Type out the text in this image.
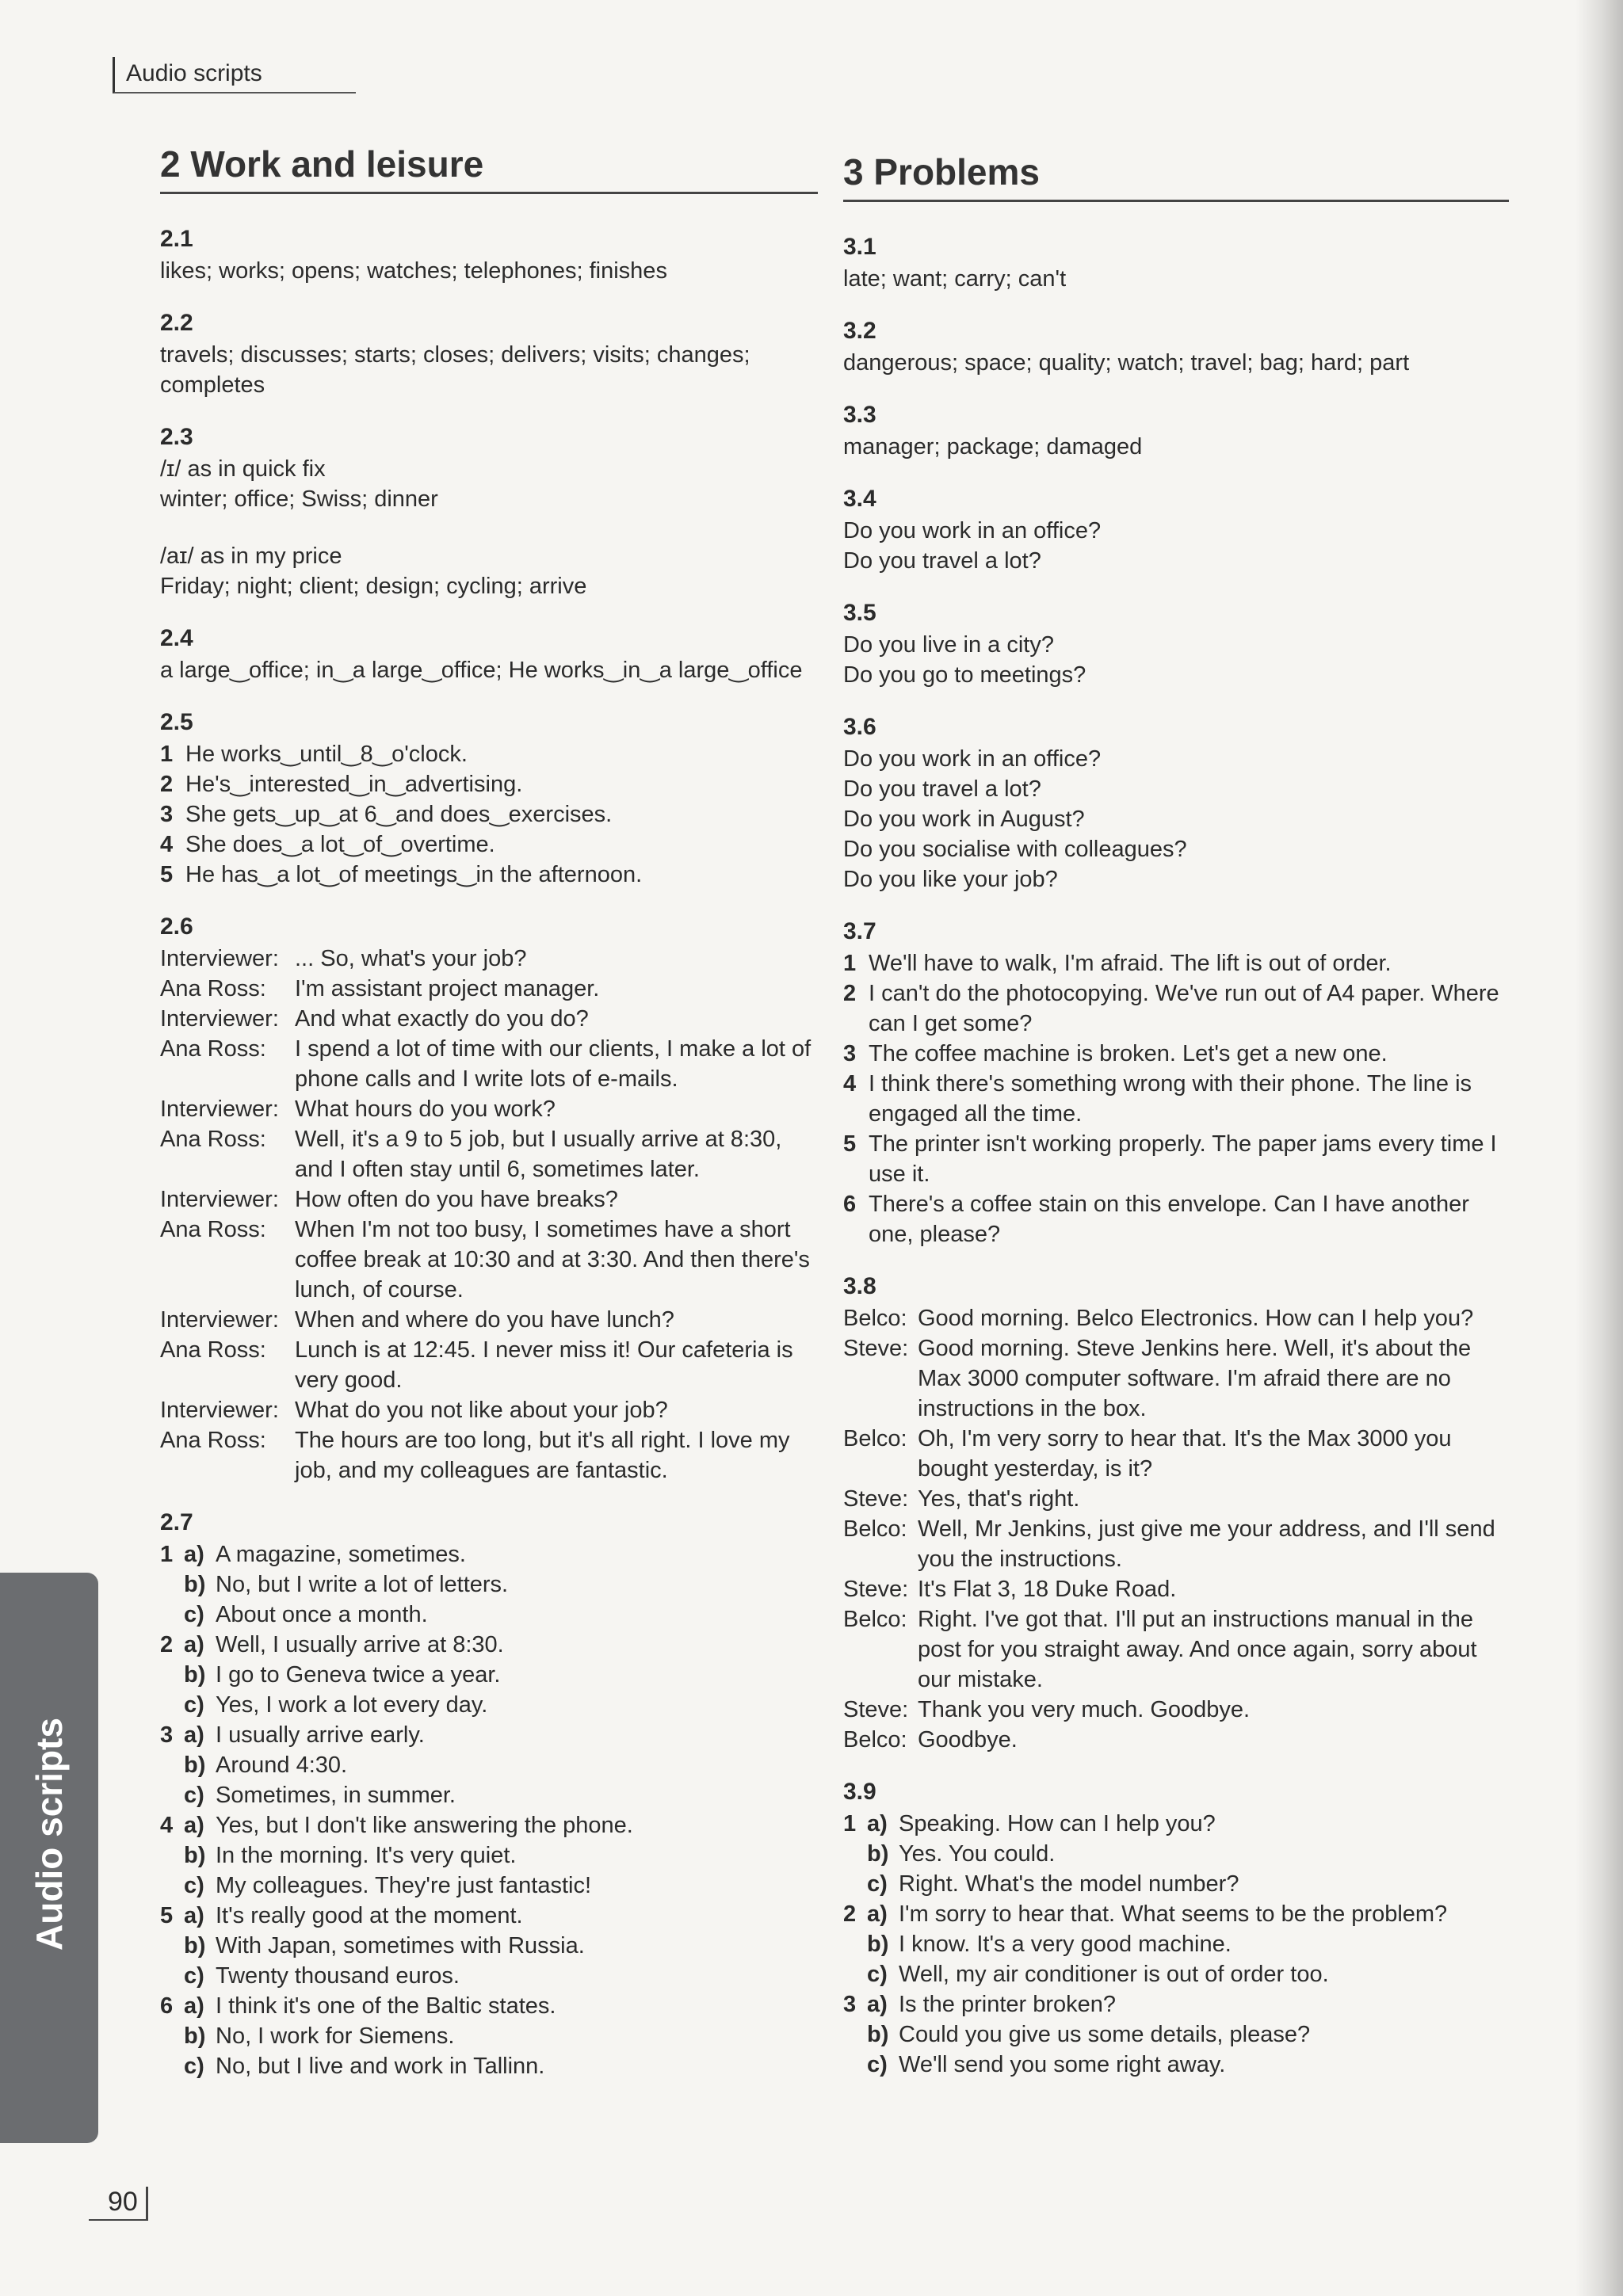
Audio scripts
2 Work and leisure
2.1

likes; works; opens; watches; telephones; finishes

2.2

travels; discusses; starts; closes; delivers; visits; changes;

completes

2.3

/ɪ/ as in quick fix

winter; office; Swiss; dinner

/aɪ/ as in my price

Friday; night; client; design; cycling; arrive

2.4

a large‿office; in‿a large‿office; He works‿in‿a large‿office

2.5
1 He works‿until‿8‿o'clock.
2 He's‿interested‿in‿advertising.
3 She gets‿up‿at 6‿and does‿exercises.
4 She does‿a lot‿of‿overtime.
5 He has‿a lot‿of meetings‿in the afternoon.
2.6
Interviewer: ... So, what's your job?
Ana Ross:	I'm assistant project manager.
Interviewer: And what exactly do you do?
Ana Ross:	I spend a lot of time with our clients, I make a lot of phone calls and I write lots of e-mails.
Interviewer: What hours do you work?
Ana Ross:	Well, it's a 9 to 5 job, but I usually arrive at 8:30, and I often stay until 6, sometimes later.
Interviewer: How often do you have breaks?
Ana Ross:	When I'm not too busy, I sometimes have a short coffee break at 10:30 and at 3:30. And then there's lunch, of course.
Interviewer: When and where do you have lunch?
Ana Ross:	Lunch is at 12:45. I never miss it! Our cafeteria is very good.
Interviewer: What do you not like about your job?
Ana Ross:	The hours are too long, but it's all right. I love my job, and my colleagues are fantastic.
2.7
1 a) A magazine, sometimes.
b) No, but I write a lot of letters.
c) About once a month.
2 a) Well, I usually arrive at 8:30.
b) I go to Geneva twice a year.
c) Yes, I work a lot every day.
3 a) I usually arrive early.
b) Around 4:30.
c) Sometimes, in summer.
4 a) Yes, but I don't like answering the phone.
b) In the morning. It's very quiet.
c) My colleagues. They're just fantastic!
5 a) It's really good at the moment.
b) With Japan, sometimes with Russia.
c) Twenty thousand euros.
6 a) I think it's one of the Baltic states.
b) No, I work for Siemens.
c) No, but I live and work in Tallinn.
3 Problems
3.1

late; want; carry; can't

3.2

dangerous; space; quality; watch; travel; bag; hard; part

3.3

manager; package; damaged

3.4

Do you work in an office?

Do you travel a lot?

3.5

Do you live in a city?

Do you go to meetings?

3.6

Do you work in an office?

Do you travel a lot?

Do you work in August?

Do you socialise with colleagues?

Do you like your job?

3.7
1 We'll have to walk, I'm afraid. The lift is out of order.
2 I can't do the photocopying. We've run out of A4 paper. Where can I get some?
3 The coffee machine is broken. Let's get a new one.
4 I think there's something wrong with their phone. The line is engaged all the time.
5 The printer isn't working properly. The paper jams every time I use it.
6 There's a coffee stain on this envelope. Can I have another one, please?
3.8
Belco: Good morning. Belco Electronics. How can I help you?
Steve: Good morning. Steve Jenkins here. Well, it's about the Max 3000 computer software. I'm afraid there are no instructions in the box.
Belco: Oh, I'm very sorry to hear that. It's the Max 3000 you bought yesterday, is it?
Steve: Yes, that's right.
Belco: Well, Mr Jenkins, just give me your address, and I'll send you the instructions.
Steve: It's Flat 3, 18 Duke Road.
Belco: Right. I've got that. I'll put an instructions manual in the post for you straight away. And once again, sorry about our mistake.
Steve: Thank you very much. Goodbye.
Belco: Goodbye.
3.9
1 a) Speaking. How can I help you?
b) Yes. You could.
c) Right. What's the model number?
2 a) I'm sorry to hear that. What seems to be the problem?
b) I know. It's a very good machine.
c) Well, my air conditioner is out of order too.
3 a) Is the printer broken?
b) Could you give us some details, please?
c) We'll send you some right away.
Audio scripts
90
